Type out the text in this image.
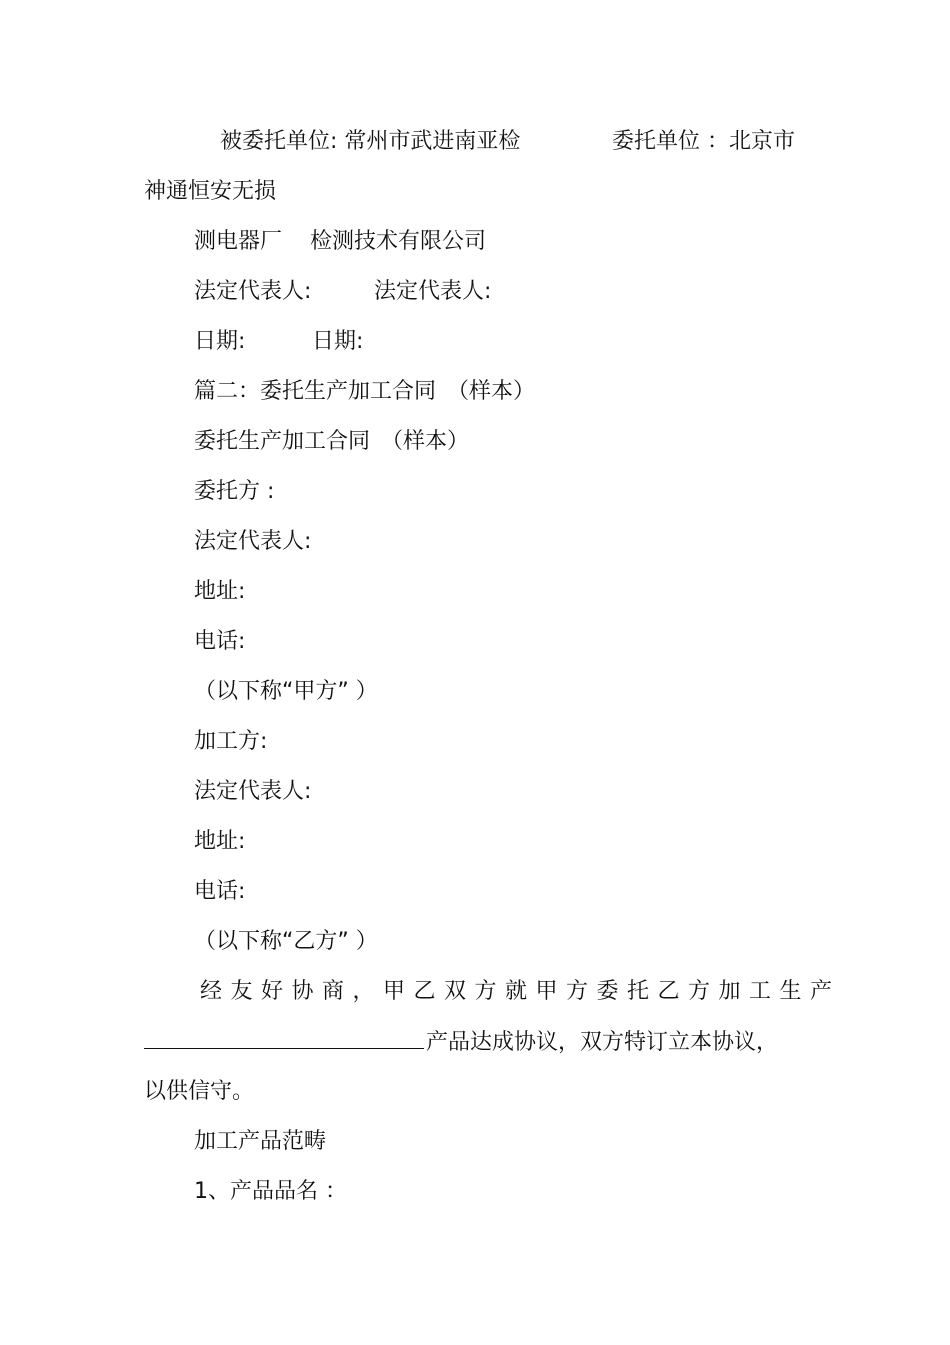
被委托单位: 常州市武进南亚检	委托单位 ：北京市

神通恒安无损

测电器厂 检测技术有限公司

法定代表人:	法定代表人:

日期:	日期:

篇二：委托生产加工合同　（样本）

委托生产加工合同　（样本）

委托方 :

法定代表人:

地址:

电话:

（以下称“甲方” ）

加工方:

法定代表人:

地址:

电话:

（以下称“乙方” ）

经友好协商，甲乙双方就甲方委托乙方加工生产

产品达成协议，双方特订立本协议，

以供信守。

加工产品范畴

1、产品品名 ：
